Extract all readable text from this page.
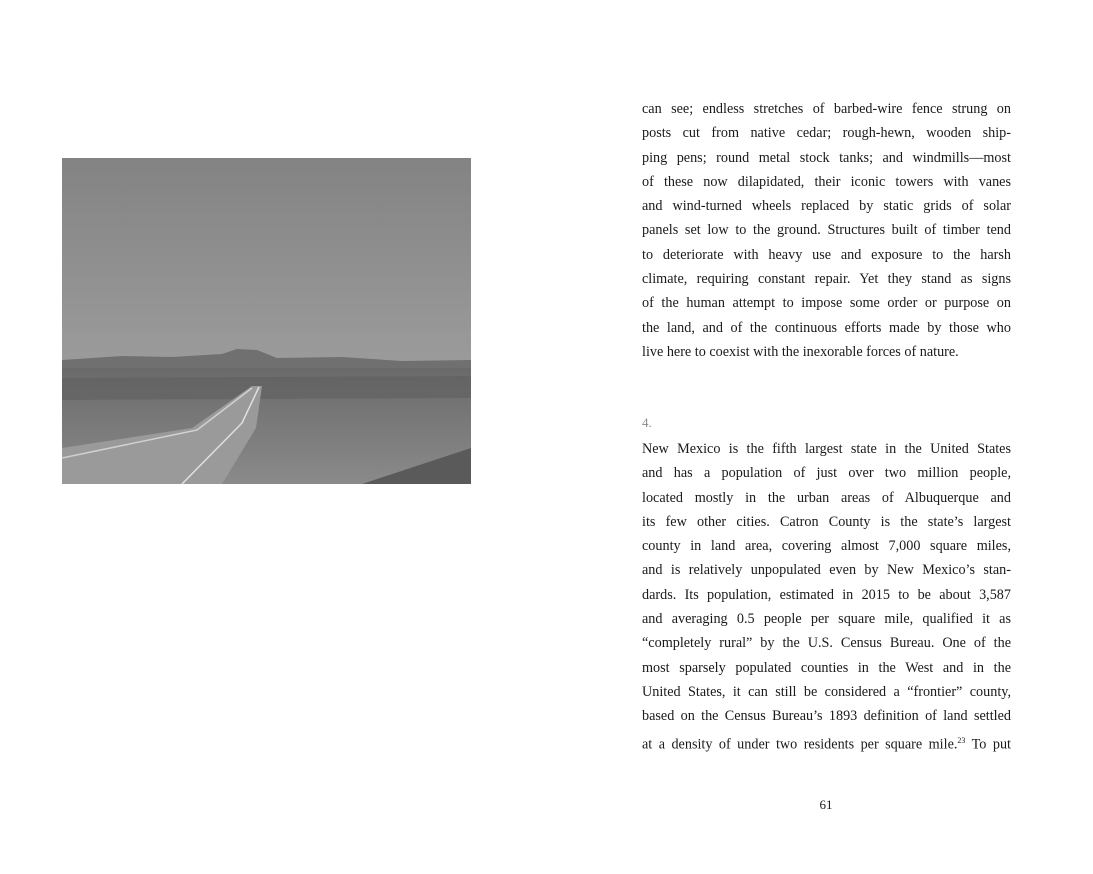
can see; endless stretches of barbed-wire fence strung on
posts cut from native cedar; rough-hewn, wooden ship-
ping pens; round metal stock tanks; and windmills—most
of these now dilapidated, their iconic towers with vanes
and wind-turned wheels replaced by static grids of solar
panels set low to the ground. Structures built of timber tend
to deteriorate with heavy use and exposure to the harsh
climate, requiring constant repair. Yet they stand as signs
of the human attempt to impose some order or purpose on
the land, and of the continuous efforts made by those who
live here to coexist with the inexorable forces of nature.
4.
New Mexico is the fifth largest state in the United States
and has a population of just over two million people,
located mostly in the urban areas of Albuquerque and
its few other cities. Catron County is the state’s largest
county in land area, covering almost 7,000 square miles,
and is relatively unpopulated even by New Mexico’s stan-
dards. Its population, estimated in 2015 to be about 3,587
and averaging 0.5 people per square mile, qualified it as
“completely rural” by the U.S. Census Bureau. One of the
most sparsely populated counties in the West and in the
United States, it can still be considered a “frontier” county,
based on the Census Bureau’s 1893 definition of land settled
at a density of under two residents per square mile.$^{23}$ To put
61
